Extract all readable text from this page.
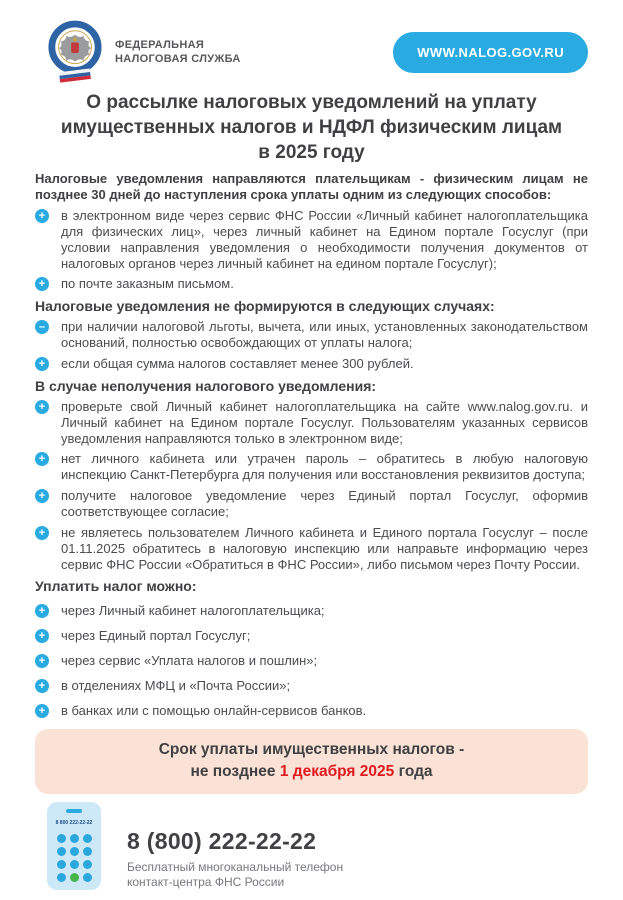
ФЕДЕРАЛЬНАЯ
НАЛОГОВАЯ СЛУЖБА	WWW.NALOG.GOV.RU
О рассылке налоговых уведомлений на уплату
имущественных налогов и НДФЛ физическим лицам
в 2025 году

Налоговые уведомления направляются плательщикам - физическим лицам не позднее 30 дней до наступления срока уплаты одним из следующих способов:

+ в электронном виде через сервис ФНС России «Личный кабинет налогоплательщика для физических лиц», через личный кабинет на Едином портале Госуслуг (при условии направления уведомления о необходимости получения документов от налоговых органов через личный кабинет на едином портале Госуслуг);

+ по почте заказным письмом.

Налоговые уведомления не формируются в следующих случаях:
–	при наличии налоговой льготы, вычета, или иных, установленных законодательством оснований, полностью освобождающих от уплаты налога;

+ если общая сумма налогов составляет менее 300 рублей.

В случае неполучения налогового уведомления:
+ проверьте свой Личный кабинет налогоплательщика на сайте www.nalog.gov.ru. и Личный кабинет на Едином портале Госуслуг. Пользователям указанных сервисов уведомления направляются только в электронном виде;

+ нет личного кабинета или утрачен пароль – обратитесь в любую налоговую инспекцию Санкт-Петербурга для получения или восстановления реквизитов доступа;

+ получите налоговое уведомление через Единый портал Госуслуг, оформив соответствующее согласие;

+ не являетесь пользователем Личного кабинета и Единого портала Госуслуг – после 01.11.2025 обратитесь в налоговую инспекцию или направьте информацию через сервис ФНС России «Обратиться в ФНС России», либо письмом через Почту России.

Уплатить налог можно:
+ через Личный кабинет налогоплательщика;

+ через Единый портал Госуслуг;

+ через сервис «Уплата налогов и пошлин»;

+ в отделениях МФЦ и «Почта России»;

+ в банках или с помощью онлайн-сервисов банков.

Срок уплаты имущественных налогов -
не позднее 1 декабря 2025 года
8 800 222-22-22
8 (800) 222-22-22
Бесплатный многоканальный телефон
контакт-центра ФНС России
